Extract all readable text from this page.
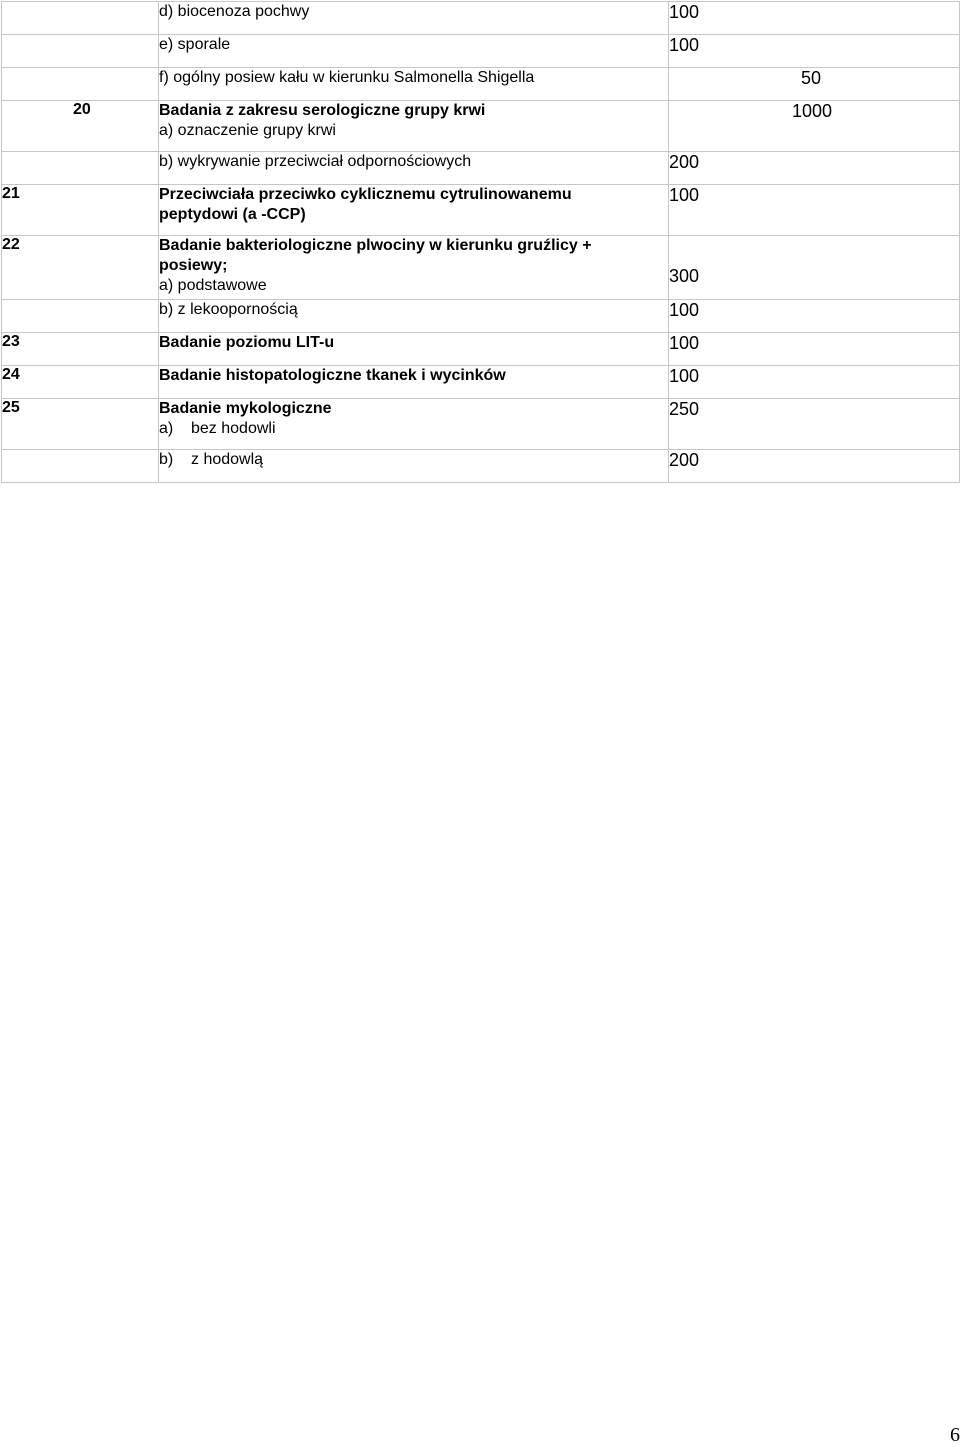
	d) biocenoza pochwy	100

	e) sporale	100

	f) ogólny posiew kału w kierunku Salmonella Shigella	50
20	Badania z zakresu serologiczne grupy krwi
a) oznaczenie grupy krwi	1000

	b) wykrywanie przeciwciał odpornościowych	200
21	Przeciwciała przeciwko cyklicznemu cytrulinowanemu
peptydowi (a -CCP)	100
22	Badanie bakteriologiczne plwociny w kierunku gruźlicy +
posiewy;
a) podstawowe	300

	b) z lekoopornością	100
23	Badanie poziomu LIT-u	100
24	Badanie histopatologiczne tkanek i wycinków	100
25	Badanie mykologiczne
a)    bez hodowli	250

	b)    z hodowlą	200
6
